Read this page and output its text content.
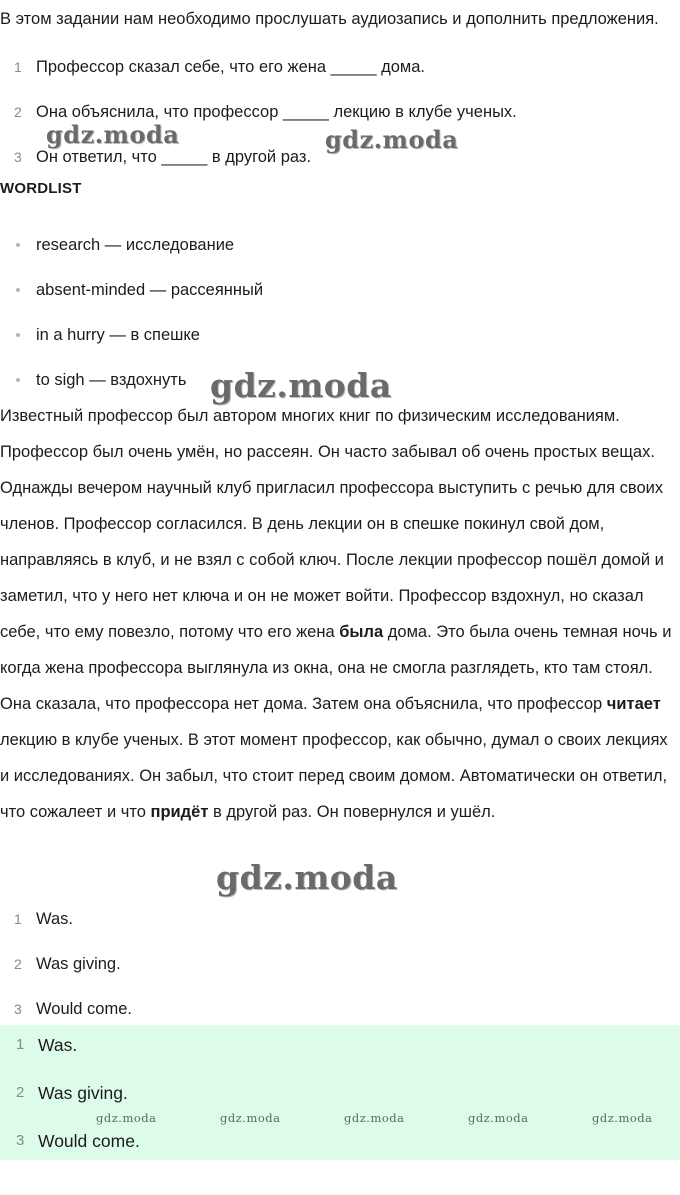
В этом задании нам необходимо прослушать аудиозапись и дополнить предложения.
1 Профессор сказал себе, что его жена _____ дома.
2 Она объяснила, что профессор _____ лекцию в клубе ученых.
3 Он ответил, что _____ в другой раз.
WORDLIST
research — исследование
absent-minded — рассеянный
in a hurry — в спешке
to sigh — вздохнуть
Известный профессор был автором многих книг по физическим исследованиям. Профессор был очень умён, но рассеян. Он часто забывал об очень простых вещах. Однажды вечером научный клуб пригласил профессора выступить с речью для своих членов. Профессор согласился. В день лекции он в спешке покинул свой дом, направляясь в клуб, и не взял с собой ключ. После лекции профессор пошёл домой и заметил, что у него нет ключа и он не может войти. Профессор вздохнул, но сказал себе, что ему повезло, потому что его жена была дома. Это была очень темная ночь и когда жена профессора выглянула из окна, она не смогла разглядеть, кто там стоял. Она сказала, что профессора нет дома. Затем она объяснила, что профессор читает лекцию в клубе ученых. В этот момент профессор, как обычно, думал о своих лекциях и исследованиях. Он забыл, что стоит перед своим домом. Автоматически он ответил, что сожалеет и что придёт в другой раз. Он повернулся и ушёл.
1 Was.
2 Was giving.
3 Would come.
1 Was.
2 Was giving.
3 Would come.
gdz.moda	gdz.moda	gdz.moda	gdz.moda	gdz.moda
gdz.moda	gdz.moda
gdz.moda
gdz.moda
